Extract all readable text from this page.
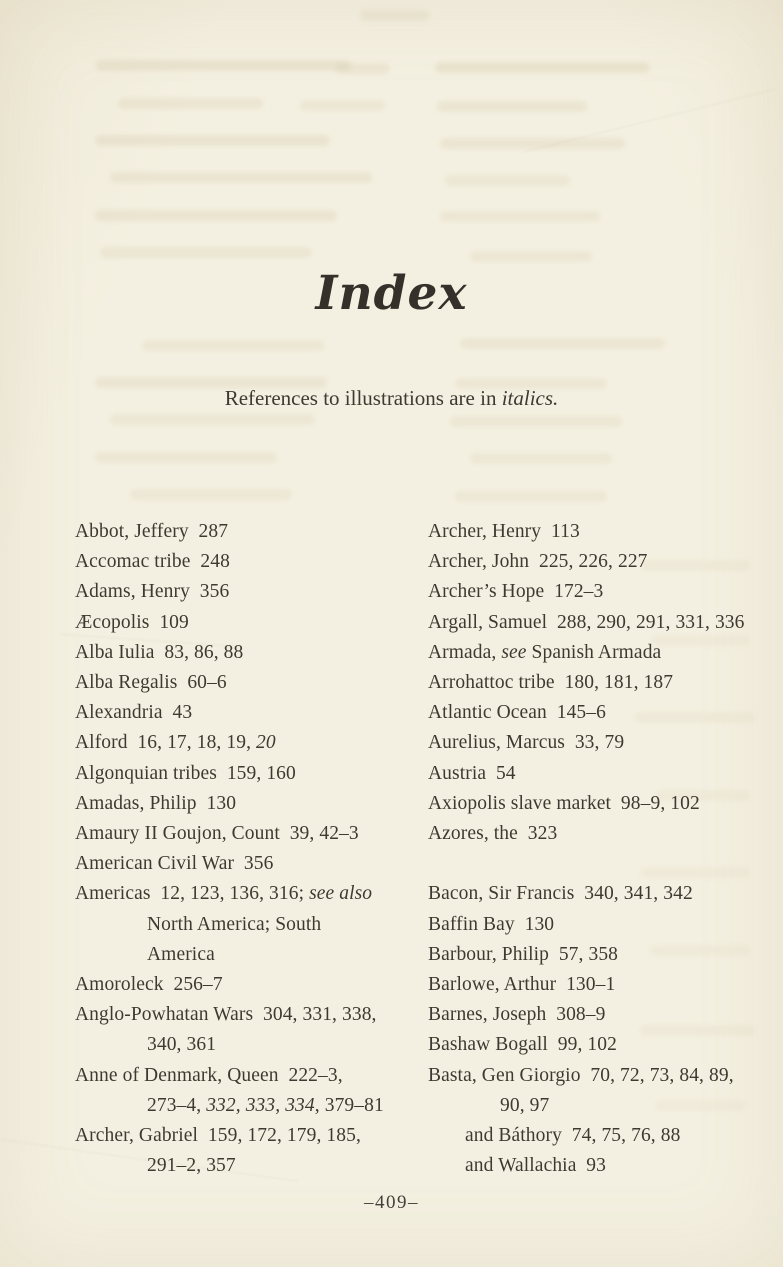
Index

References to illustrations are in italics.

Abbot, Jeffery 287
Accomac tribe 248
Adams, Henry 356
Æcopolis 109
Alba Iulia 83, 86, 88
Alba Regalis 60–6
Alexandria 43
Alford 16, 17, 18, 19, 20
Algonquian tribes 159, 160
Amadas, Philip 130
Amaury II Goujon, Count 39, 42–3
American Civil War 356
Americas 12, 123, 136, 316; see also
North America; South
America
Amoroleck 256–7
Anglo-Powhatan Wars 304, 331, 338,
340, 361
Anne of Denmark, Queen 222–3,
273–4, 332, 333, 334, 379–81
Archer, Gabriel 159, 172, 179, 185,
291–2, 357
Archer, Henry 113
Archer, John 225, 226, 227
Archer’s Hope 172–3
Argall, Samuel 288, 290, 291, 331, 336
Armada, see Spanish Armada
Arrohattoc tribe 180, 181, 187
Atlantic Ocean 145–6
Aurelius, Marcus 33, 79
Austria 54
Axiopolis slave market 98–9, 102
Azores, the 323
Bacon, Sir Francis 340, 341, 342
Baffin Bay 130
Barbour, Philip 57, 358
Barlowe, Arthur 130–1
Barnes, Joseph 308–9
Bashaw Bogall 99, 102
Basta, Gen Giorgio 70, 72, 73, 84, 89,
90, 97
and Báthory 74, 75, 76, 88
and Wallachia 93
–409–
